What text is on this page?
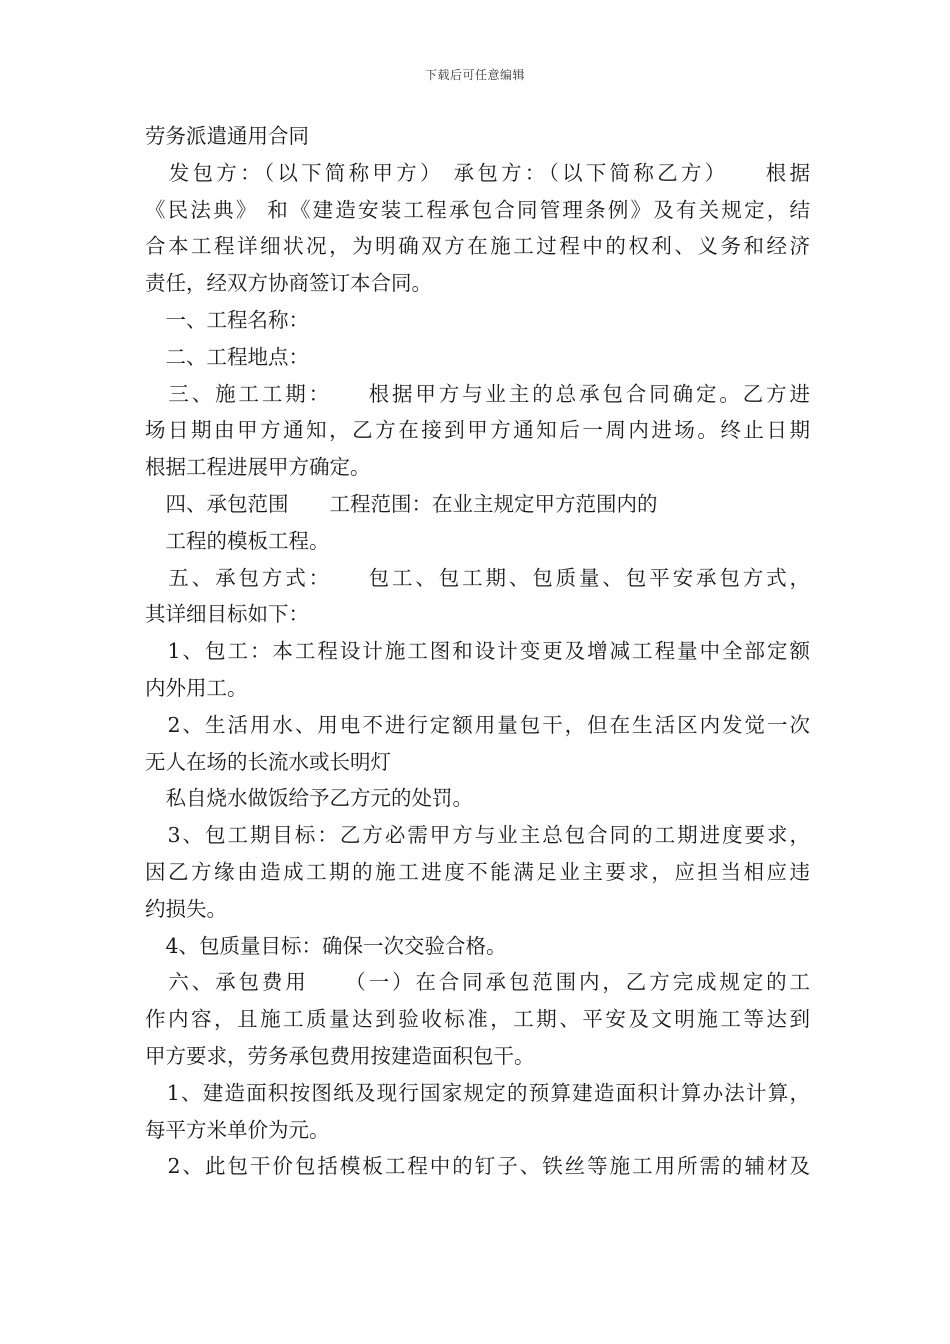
下载后可任意编辑
劳务派遣通用合同
　发包方：（以下简称甲方） 承包方：（以下简称乙方）　　根据
《民法典》 和《建造安装工程承包合同管理条例》及有关规定，结
合本工程详细状况，为明确双方在施工过程中的权利、义务和经济
责任，经双方协商签订本合同。
　一、工程名称：
　二、工程地点：
　三、施工工期：　　根据甲方与业主的总承包合同确定。乙方进
场日期由甲方通知，乙方在接到甲方通知后一周内进场。终止日期
根据工程进展甲方确定。
　四、承包范围　　工程范围：在业主规定甲方范围内的
　工程的模板工程。
　五、承包方式：　　包工、包工期、包质量、包平安承包方式，
其详细目标如下：
　1、包工：本工程设计施工图和设计变更及增减工程量中全部定额
内外用工。
　2、生活用水、用电不进行定额用量包干，但在生活区内发觉一次
无人在场的长流水或长明灯
　私自烧水做饭给予乙方元的处罚。
　3、包工期目标：乙方必需甲方与业主总包合同的工期进度要求，
因乙方缘由造成工期的施工进度不能满足业主要求，应担当相应违
约损失。
　4、包质量目标：确保一次交验合格。
　六、承包费用　　（一）在合同承包范围内，乙方完成规定的工
作内容，且施工质量达到验收标准，工期、平安及文明施工等达到
甲方要求，劳务承包费用按建造面积包干。
　1、建造面积按图纸及现行国家规定的预算建造面积计算办法计算，
每平方米单价为元。
　2、此包干价包括模板工程中的钉子、铁丝等施工用所需的辅材及
